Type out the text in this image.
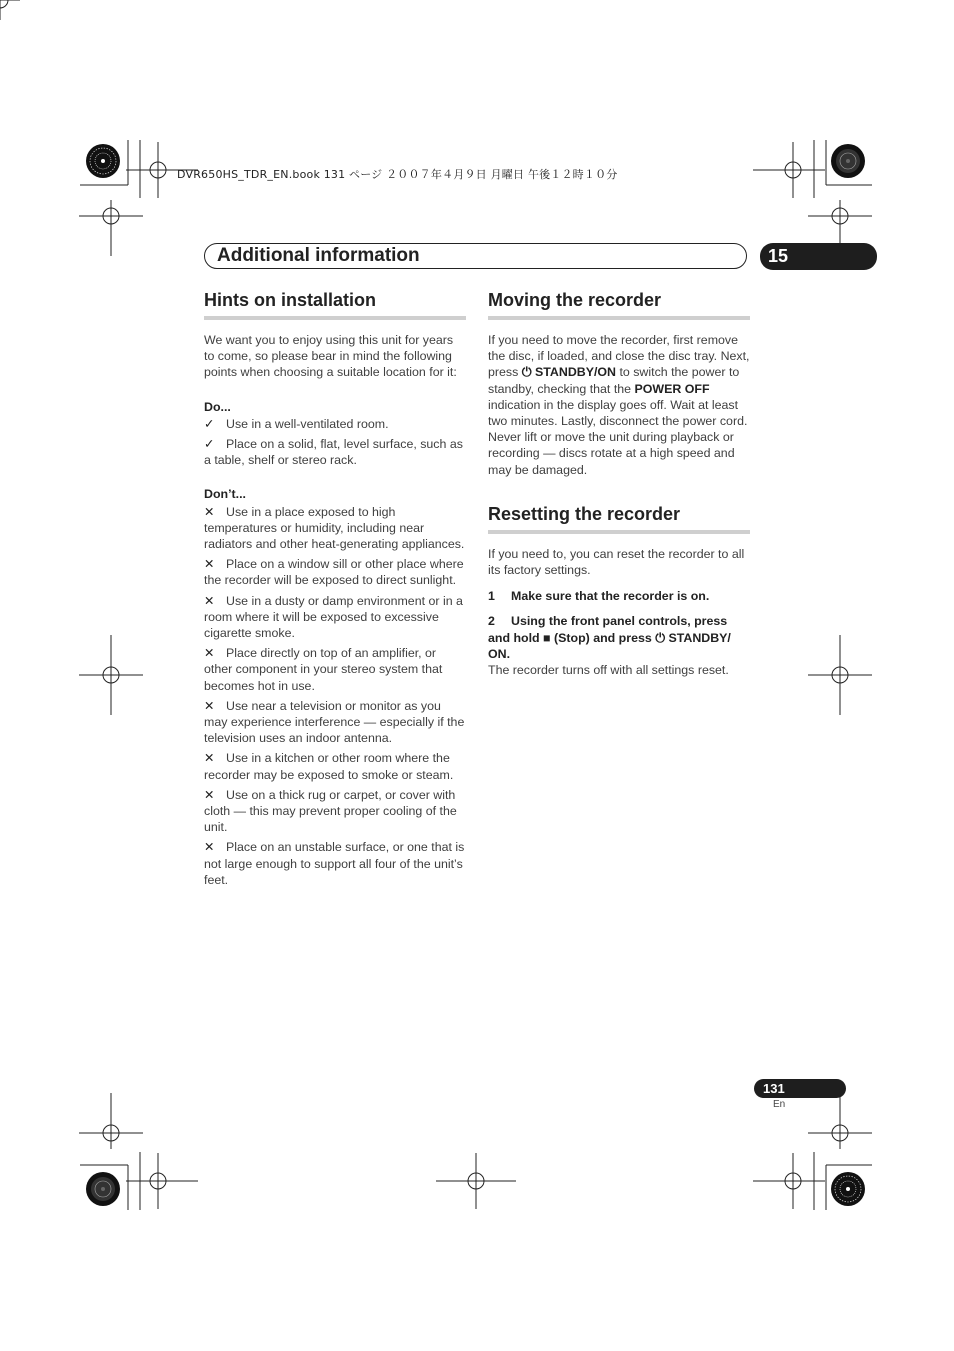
DVR650HS_TDR_EN.book 131 ページ ２００７年４月９日 月曜日 午後１２時１０分
Additional information	15
Hints on installation

We want you to enjoy using this unit for years to come, so please bear in mind the following points when choosing a suitable location for it:

Do...

✓ Use in a well-ventilated room.

✓ Place on a solid, flat, level surface, such as a table, shelf or stereo rack.

Don’t...

✕ Use in a place exposed to high temperatures or humidity, including near radiators and other heat-generating appliances.

✕ Place on a window sill or other place where the recorder will be exposed to direct sunlight.

✕ Use in a dusty or damp environment or in a room where it will be exposed to excessive cigarette smoke.

✕ Place directly on top of an amplifier, or other component in your stereo system that becomes hot in use.

✕ Use near a television or monitor as you may experience interference — especially if the television uses an indoor antenna.

✕ Use in a kitchen or other room where the recorder may be exposed to smoke or steam.

✕ Use on a thick rug or carpet, or cover with cloth — this may prevent proper cooling of the unit.

✕ Place on an unstable surface, or one that is not large enough to support all four of the unit’s feet.

Moving the recorder

If you need to move the recorder, first remove the disc, if loaded, and close the disc tray. Next, press ⏻ STANDBY/ON to switch the power to standby, checking that the POWER OFF indication in the display goes off. Wait at least two minutes. Lastly, disconnect the power cord. Never lift or move the unit during playback or recording — discs rotate at a high speed and may be damaged.

Resetting the recorder

If you need to, you can reset the recorder to all its factory settings.

1 Make sure that the recorder is on.

2 Using the front panel controls, press and hold ■ (Stop) and press ⏻ STANDBY/ ON.

The recorder turns off with all settings reset.

131
En
